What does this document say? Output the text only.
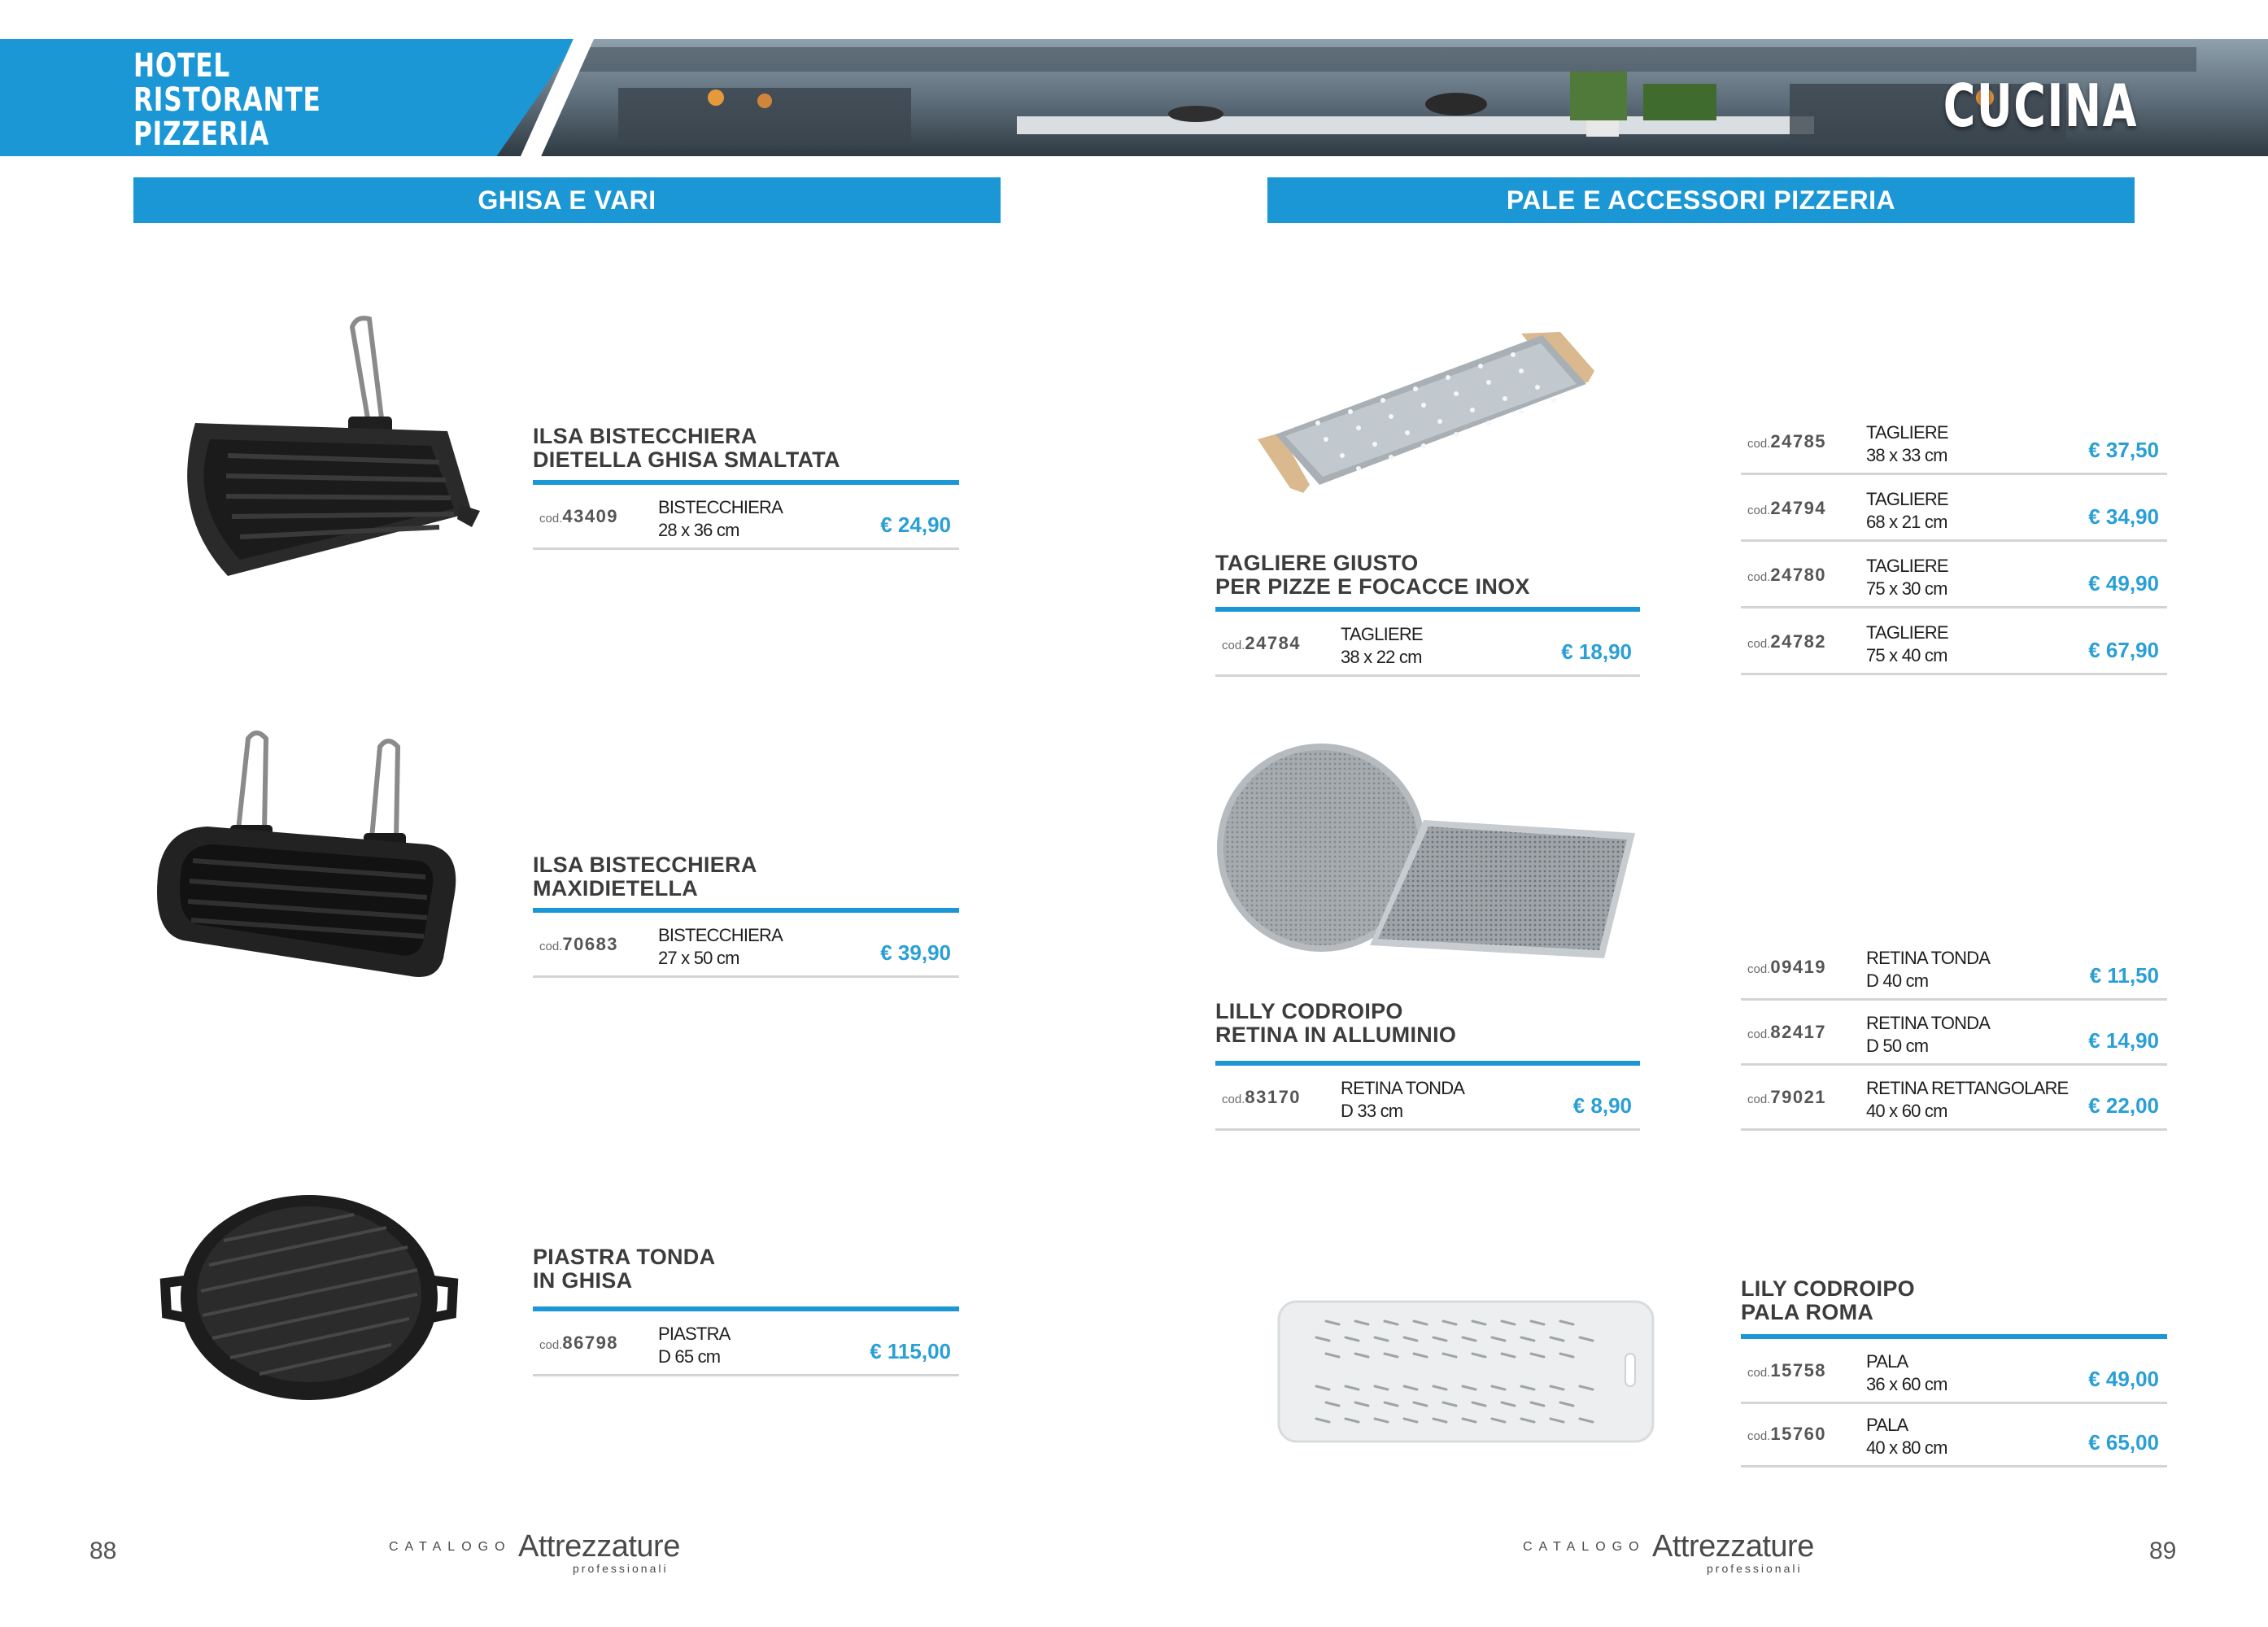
HOTEL
RISTORANTE
PIZZERIA	CUCINA
GHISA E VARI	PALE E ACCESSORI PIZZERIA
ILSA BISTECCHIERA
DIETELLA GHISA SMALTATA
cod.43409 BISTECCHIERA
28 x 36 cm	€ 24,90
ILSA BISTECCHIERA
MAXIDIETELLA
cod.70683 BISTECCHIERA
27 x 50 cm	€ 39,90
PIASTRA TONDA
IN GHISA
cod.86798 PIASTRA
D 65 cm	€ 115,00
TAGLIERE GIUSTO
PER PIZZE E FOCACCE INOX
cod.24784 TAGLIERE
38 x 22 cm	€ 18,90
cod.24785 TAGLIERE
38 x 33 cm	€ 37,50
cod.24794 TAGLIERE
68 x 21 cm	€ 34,90
cod.24780 TAGLIERE
75 x 30 cm	€ 49,90
cod.24782 TAGLIERE
75 x 40 cm	€ 67,90
LILLY CODROIPO
RETINA IN ALLUMINIO
cod.83170 RETINA TONDA
D 33 cm	€ 8,90
cod.09419 RETINA TONDA
D 40 cm	€ 11,50
cod.82417 RETINA TONDA
D 50 cm	€ 14,90
cod.79021 RETINA RETTANGOLARE
40 x 60 cm	€ 22,00
LILY CODROIPO
PALA ROMA
cod.15758 PALA
36 x 60 cm	€ 49,00
cod.15760 PALA
40 x 80 cm	€ 65,00
88	CATALOGO Attrezzature
professionali
CATALOGO Attrezzature
professionali
89
